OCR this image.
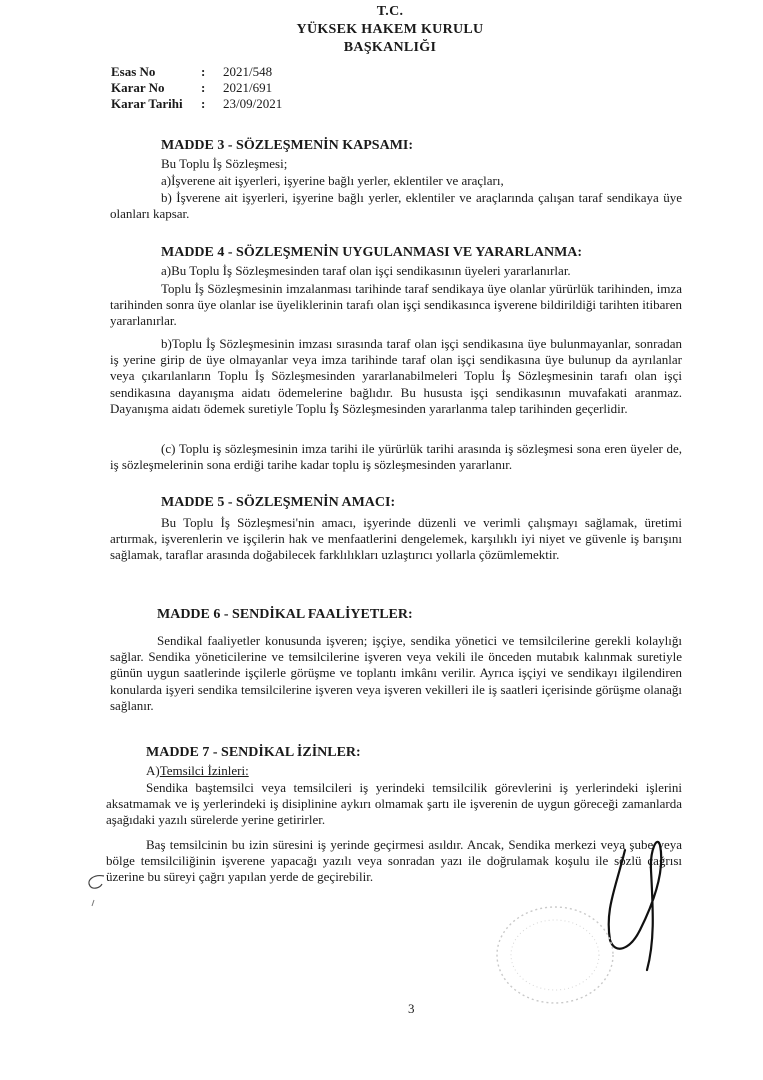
T.C.
YÜKSEK HAKEM KURULU
BAŞKANLIĞI
Esas No	:	2021/548
Karar No	:	2021/691
Karar Tarihi	:	23/09/2021
MADDE 3 - SÖZLEŞMENİN KAPSAMI:
Bu Toplu İş Sözleşmesi;
a)İşverene ait işyerleri, işyerine bağlı yerler, eklentiler ve araçları,
b) İşverene ait işyerleri, işyerine bağlı yerler, eklentiler ve araçlarında çalışan taraf sendikaya üye olanları kapsar.
MADDE 4 - SÖZLEŞMENİN UYGULANMASI VE YARARLANMA:
a)Bu Toplu İş Sözleşmesinden taraf olan işçi sendikasının üyeleri yararlanırlar.
Toplu İş Sözleşmesinin imzalanması tarihinde taraf sendikaya üye olanlar yürürlük tarihinden, imza tarihinden sonra üye olanlar ise üyeliklerinin tarafı olan işçi sendikasınca işverene bildirildiği tarihten itibaren yararlanırlar.
b)Toplu İş Sözleşmesinin imzası sırasında taraf olan işçi sendikasına üye bulunmayanlar, sonradan iş yerine girip de üye olmayanlar veya imza tarihinde taraf olan işçi sendikasına üye bulunup da ayrılanlar veya çıkarılanların Toplu İş Sözleşmesinden yararlanabilmeleri Toplu İş Sözleşmesinin tarafı olan işçi sendikasına dayanışma aidatı ödemelerine bağlıdır. Bu hususta işçi sendikasının muvafakati aranmaz. Dayanışma aidatı ödemek suretiyle Toplu İş Sözleşmesinden yararlanma talep tarihinden geçerlidir.
(c) Toplu iş sözleşmesinin imza tarihi ile yürürlük tarihi arasında iş sözleşmesi sona eren üyeler de, iş sözleşmelerinin sona erdiği tarihe kadar toplu iş sözleşmesinden yararlanır.
MADDE 5 - SÖZLEŞMENİN AMACI:
Bu Toplu İş Sözleşmesi'nin amacı, işyerinde düzenli ve verimli çalışmayı sağlamak, üretimi artırmak, işverenlerin ve işçilerin hak ve menfaatlerini dengelemek, karşılıklı iyi niyet ve güvenle iş barışını sağlamak, taraflar arasında doğabilecek farklılıkları uzlaştırıcı yollarla çözümlemektir.
MADDE 6 - SENDİKAL FAALİYETLER:
Sendikal faaliyetler konusunda işveren; işçiye, sendika yönetici ve temsilcilerine gerekli kolaylığı sağlar. Sendika yöneticilerine ve temsilcilerine işveren veya vekili ile önceden mutabık kalınmak suretiyle günün uygun saatlerinde işçilerle görüşme ve toplantı imkânı verilir. Ayrıca işçiyi ve sendikayı ilgilendiren konularda işyeri sendika temsilcilerine işveren veya işveren vekilleri ile iş saatleri içerisinde görüşme olanağı sağlanır.
MADDE 7 - SENDİKAL İZİNLER:
A)Temsilci İzinleri:
Sendika baştemsilci veya temsilcileri iş yerindeki temsilcilik görevlerini iş yerlerindeki işlerini aksatmamak ve iş yerlerindeki iş disiplinine aykırı olmamak şartı ile işverenin de uygun göreceği zamanlarda aşağıdaki yazılı sürelerde yerine getirirler.
Baş temsilcinin bu izin süresini iş yerinde geçirmesi asıldır. Ancak, Sendika merkezi veya şube veya bölge temsilciliğinin işverene yapacağı yazılı veya sonradan yazı ile doğrulamak koşulu ile sözlü çağrısı üzerine bu süreyi çağrı yapılan yerde de geçirebilir.
3
